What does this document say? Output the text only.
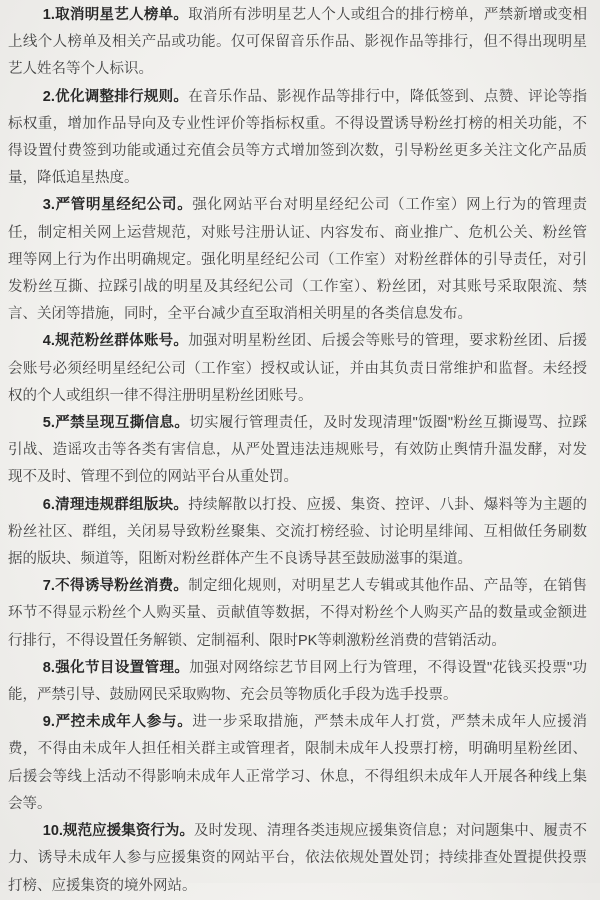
1.取消明星艺人榜单。取消所有涉明星艺人个人或组合的排行榜单，严禁新增或变相上线个人榜单及相关产品或功能。仅可保留音乐作品、影视作品等排行，但不得出现明星艺人姓名等个人标识。

2.优化调整排行规则。在音乐作品、影视作品等排行中，降低签到、点赞、评论等指标权重，增加作品导向及专业性评价等指标权重。不得设置诱导粉丝打榜的相关功能，不得设置付费签到功能或通过充值会员等方式增加签到次数，引导粉丝更多关注文化产品质量，降低追星热度。

3.严管明星经纪公司。强化网站平台对明星经纪公司（工作室）网上行为的管理责任，制定相关网上运营规范，对账号注册认证、内容发布、商业推广、危机公关、粉丝管理等网上行为作出明确规定。强化明星经纪公司（工作室）对粉丝群体的引导责任，对引发粉丝互撕、拉踩引战的明星及其经纪公司（工作室）、粉丝团，对其账号采取限流、禁言、关闭等措施，同时，全平台减少直至取消相关明星的各类信息发布。

4.规范粉丝群体账号。加强对明星粉丝团、后援会等账号的管理，要求粉丝团、后援会账号必须经明星经纪公司（工作室）授权或认证，并由其负责日常维护和监督。未经授权的个人或组织一律不得注册明星粉丝团账号。

5.严禁呈现互撕信息。切实履行管理责任，及时发现清理"饭圈"粉丝互撕谩骂、拉踩引战、造谣攻击等各类有害信息，从严处置违法违规账号，有效防止舆情升温发酵，对发现不及时、管理不到位的网站平台从重处罚。

6.清理违规群组版块。持续解散以打投、应援、集资、控评、八卦、爆料等为主题的粉丝社区、群组，关闭易导致粉丝聚集、交流打榜经验、讨论明星绯闻、互相做任务刷数据的版块、频道等，阻断对粉丝群体产生不良诱导甚至鼓励滋事的渠道。

7.不得诱导粉丝消费。制定细化规则，对明星艺人专辑或其他作品、产品等，在销售环节不得显示粉丝个人购买量、贡献值等数据，不得对粉丝个人购买产品的数量或金额进行排行，不得设置任务解锁、定制福利、限时PK等刺激粉丝消费的营销活动。

8.强化节目设置管理。加强对网络综艺节目网上行为管理，不得设置"花钱买投票"功能，严禁引导、鼓励网民采取购物、充会员等物质化手段为选手投票。

9.严控未成年人参与。进一步采取措施，严禁未成年人打赏，严禁未成年人应援消费，不得由未成年人担任相关群主或管理者，限制未成年人投票打榜，明确明星粉丝团、后援会等线上活动不得影响未成年人正常学习、休息，不得组织未成年人开展各种线上集会等。

10.规范应援集资行为。及时发现、清理各类违规应援集资信息；对问题集中、履责不力、诱导未成年人参与应援集资的网站平台，依法依规处置处罚；持续排查处置提供投票打榜、应援集资的境外网站。
